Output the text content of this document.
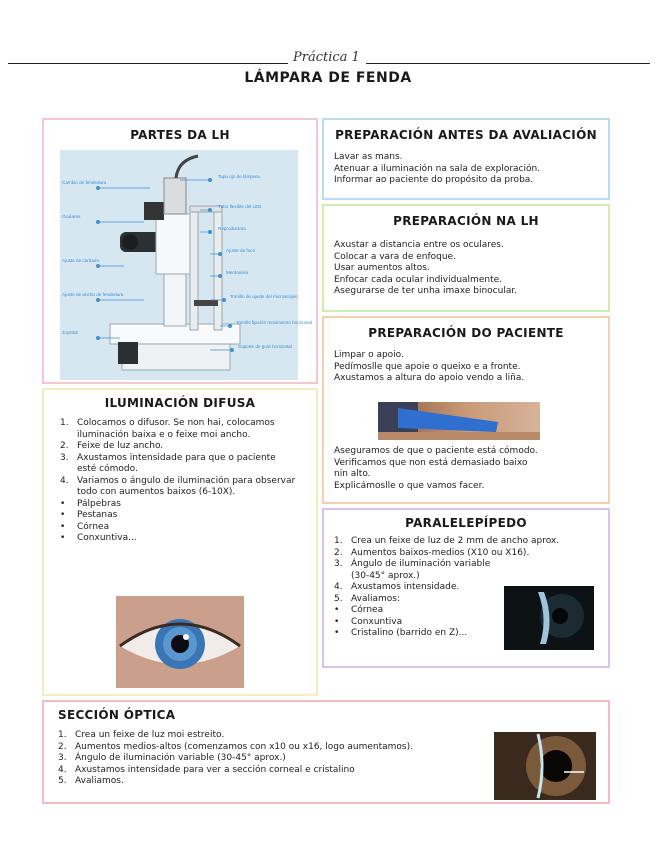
Práctica 1
LÁMPARA DE FENDA
PARTES DA LH
Tapa ojo de lámpara
Tubo flexible del LED
Reproductora
Ajuste de foco
Mentonera
Tornillo de ajuste del microscopio
Tornillo fijación movimiento horizontal
Soporte de guía horizontal
Cambio de fendedura
Oculares
Ajuste de cardado
Ajuste de ancho de fendedura
Joystick
PREPARACIÓN ANTES DA AVALIACIÓN
Lavar as mans.
Atenuar a iluminación na sala de exploración.
Informar ao paciente do propósito da proba.
PREPARACIÓN NA LH
Axustar a distancia entre os oculares.
Colocar a vara de enfoque.
Usar aumentos altos.
Enfocar cada ocular individualmente.
Asegurarse de ter unha imaxe binocular.
PREPARACIÓN DO PACIENTE
Limpar o apoio.
Pedímoslle que apoie o queixo e a fronte.
Axustamos a altura do apoio vendo a liña.
Aseguramos de que o paciente está cómodo.
Verificamos que non está demasiado baixo
nin alto.
Explicámoslle o que vamos facer.
ILUMINACIÓN DIFUSA
1. Colocamos o difusor. Se non hai, colocamos iluminación baixa e o feixe moi ancho.
2. Feixe de luz ancho.
3. Axustamos intensidade para que o paciente esté cómodo.
4. Variamos o ángulo de iluminación para observar todo con aumentos baixos (6-10X).
•	Pálpebras
•	Pestanas
•	Córnea
•	Conxuntiva...
PARALELEPÍPEDO
1. Crea un feixe de luz de 2 mm de ancho aprox.
2. Aumentos baixos-medios (X10 ou X16).
3. Ángulo de iluminación variable (30-45° aprox.)
4. Axustamos intensidade.
5. Avaliamos:
•	Córnea
•	Conxuntiva
•	Cristalino (barrido en Z)...
SECCIÓN ÓPTICA
1. Crea un feixe de luz moi estreito.
2. Aumentos medios-altos (comenzamos con x10 ou x16, logo aumentamos).
3. Ángulo de iluminación variable (30-45° aprox.)
4. Axustamos intensidade para ver a sección corneal e cristalino
5. Avaliamos.
